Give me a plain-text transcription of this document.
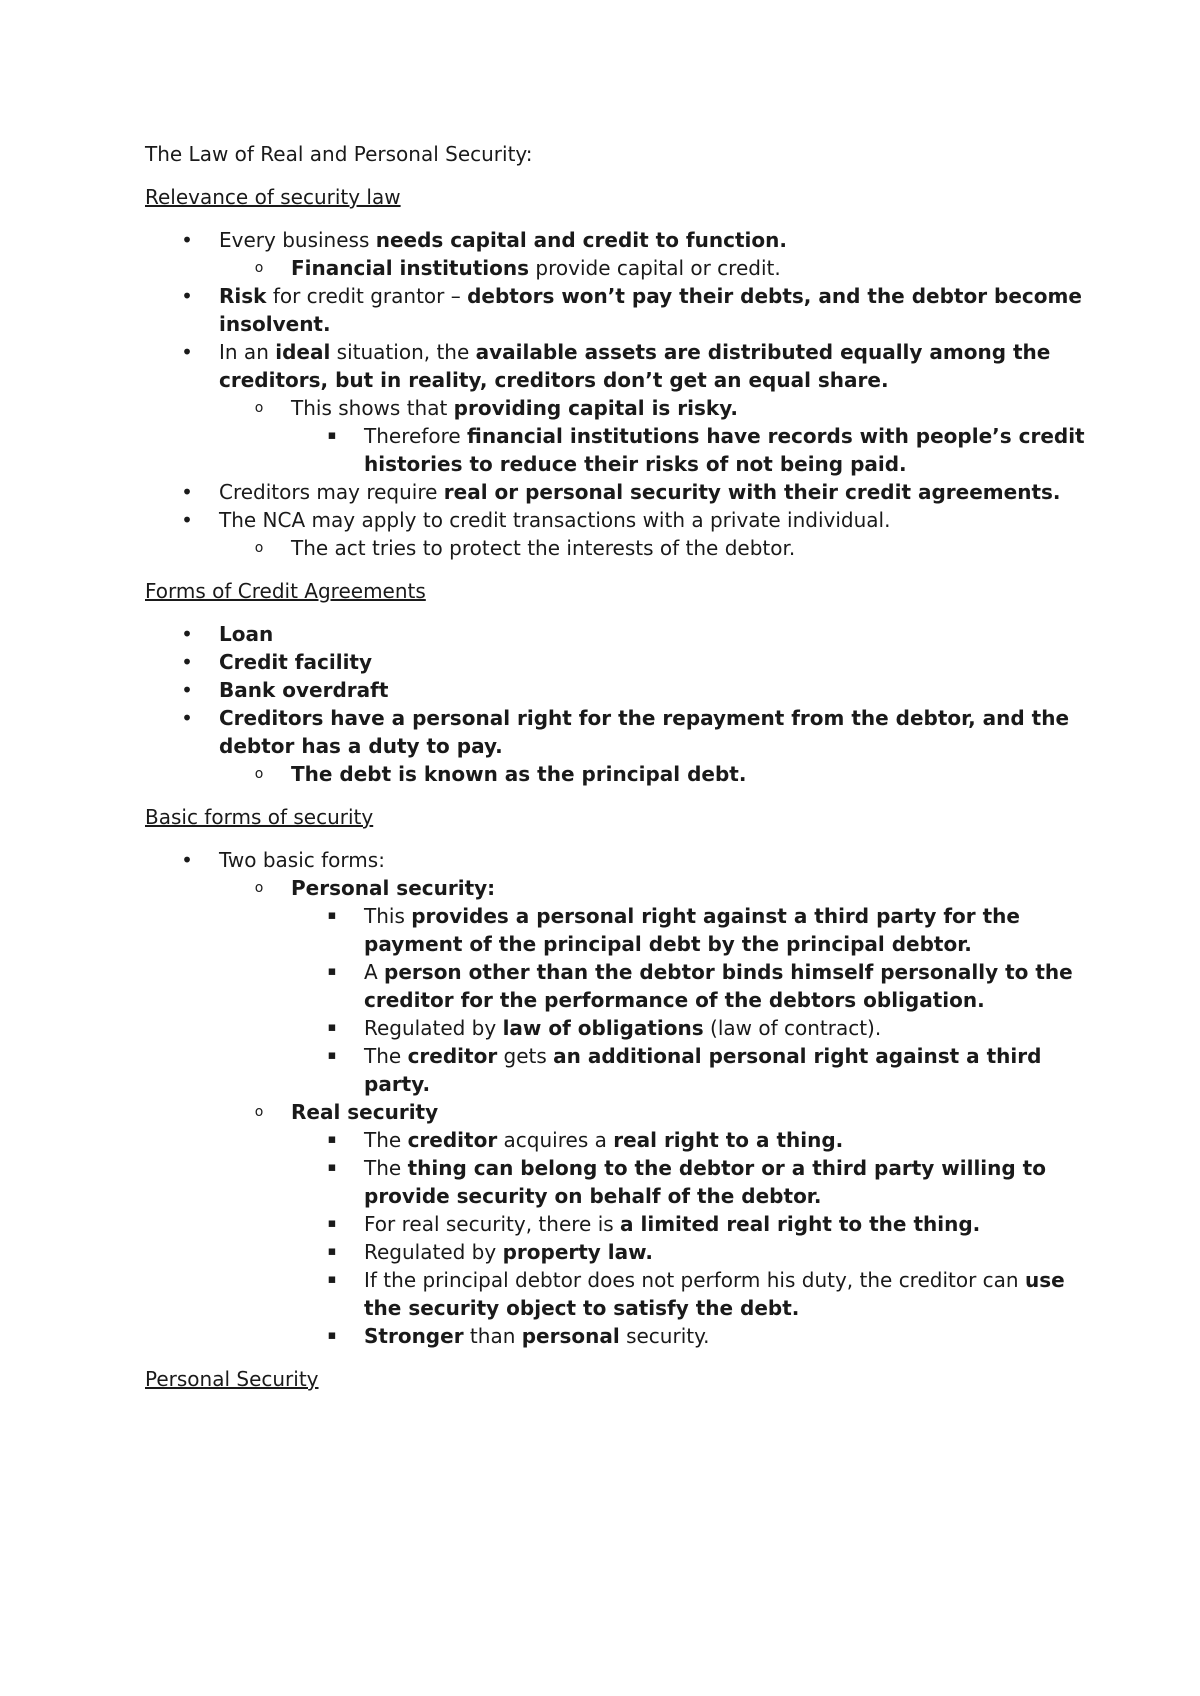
The Law of Real and Personal Security:

Relevance of security law

• Every business needs capital and credit to function.
o Financial institutions provide capital or credit.
• Risk for credit grantor – debtors won’t pay their debts, and the debtor become insolvent.
• In an ideal situation, the available assets are distributed equally among the creditors, but in reality, creditors don’t get an equal share.
o This shows that providing capital is risky.
▪ Therefore financial institutions have records with people’s credit histories to reduce their risks of not being paid.
• Creditors may require real or personal security with their credit agreements.
• The NCA may apply to credit transactions with a private individual.
o The act tries to protect the interests of the debtor.

Forms of Credit Agreements

• Loan
• Credit facility
• Bank overdraft
• Creditors have a personal right for the repayment from the debtor, and the debtor has a duty to pay.
o The debt is known as the principal debt.

Basic forms of security

• Two basic forms:
o Personal security:
▪ This provides a personal right against a third party for the payment of the principal debt by the principal debtor.
▪ A person other than the debtor binds himself personally to the creditor for the performance of the debtors obligation.
▪ Regulated by law of obligations (law of contract).
▪ The creditor gets an additional personal right against a third party.
o Real security
▪ The creditor acquires a real right to a thing.
▪ The thing can belong to the debtor or a third party willing to provide security on behalf of the debtor.
▪ For real security, there is a limited real right to the thing.
▪ Regulated by property law.
▪ If the principal debtor does not perform his duty, the creditor can use the security object to satisfy the debt.
▪ Stronger than personal security.

Personal Security
